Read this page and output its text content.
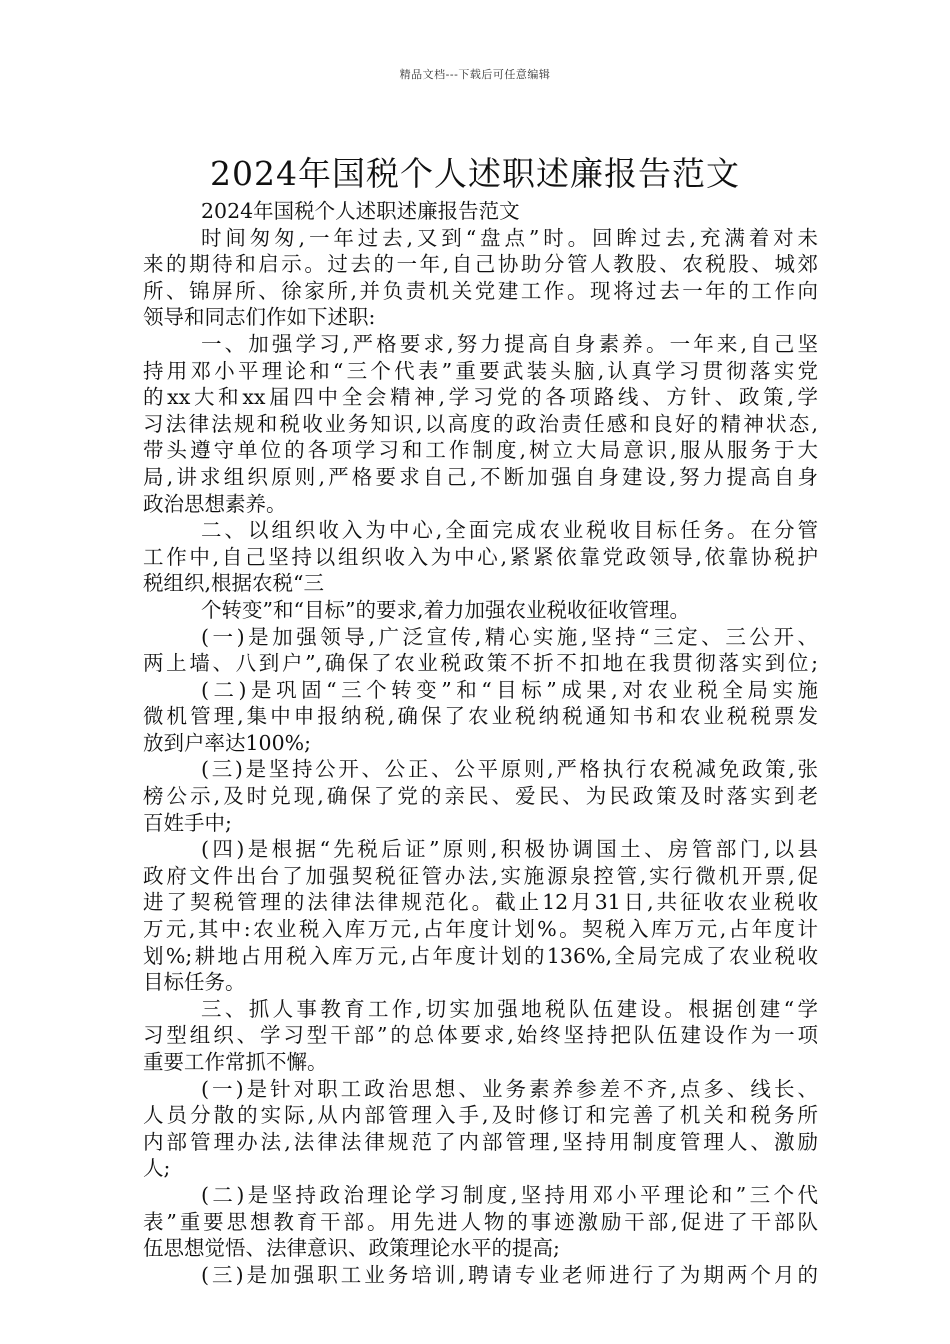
精品文档---下载后可任意编辑
2024年国税个人述职述廉报告范文
2024年国税个人述职述廉报告范文
时间匆匆,一年过去,又到“盘点”时。回眸过去,充满着对未
来的期待和启示。过去的一年,自己协助分管人教股、农税股、城郊
所、锦屏所、徐家所,并负责机关党建工作。现将过去一年的工作向
领导和同志们作如下述职:
一、加强学习,严格要求,努力提高自身素养。一年来,自己坚
持用邓小平理论和“三个代表”重要武装头脑,认真学习贯彻落实党
的xx大和xx届四中全会精神,学习党的各项路线、方针、政策,学
习法律法规和税收业务知识,以高度的政治责任感和良好的精神状态,
带头遵守单位的各项学习和工作制度,树立大局意识,服从服务于大
局,讲求组织原则,严格要求自己,不断加强自身建设,努力提高自身
政治思想素养。
二、以组织收入为中心,全面完成农业税收目标任务。在分管
工作中,自己坚持以组织收入为中心,紧紧依靠党政领导,依靠协税护
税组织,根据农税“三
个转变”和“目标”的要求,着力加强农业税收征收管理。
(一)是加强领导,广泛宣传,精心实施,坚持“三定、三公开、
两上墙、八到户”,确保了农业税政策不折不扣地在我贯彻落实到位;
(二)是巩固“三个转变”和“目标”成果,对农业税全局实施
微机管理,集中申报纳税,确保了农业税纳税通知书和农业税税票发
放到户率达100%;
(三)是坚持公开、公正、公平原则,严格执行农税减免政策,张
榜公示,及时兑现,确保了党的亲民、爱民、为民政策及时落实到老
百姓手中;
(四)是根据“先税后证”原则,积极协调国土、房管部门,以县
政府文件出台了加强契税征管办法,实施源泉控管,实行微机开票,促
进了契税管理的法律法律规范化。截止12月31日,共征收农业税收
万元,其中:农业税入库万元,占年度计划%。契税入库万元,占年度计
划%;耕地占用税入库万元,占年度计划的136%,全局完成了农业税收
目标任务。
三、抓人事教育工作,切实加强地税队伍建设。根据创建“学
习型组织、学习型干部”的总体要求,始终坚持把队伍建设作为一项
重要工作常抓不懈。
(一)是针对职工政治思想、业务素养参差不齐,点多、线长、
人员分散的实际,从内部管理入手,及时修订和完善了机关和税务所
内部管理办法,法律法律规范了内部管理,坚持用制度管理人、激励
人;
(二)是坚持政治理论学习制度,坚持用邓小平理论和”三个代
表”重要思想教育干部。用先进人物的事迹激励干部,促进了干部队
伍思想觉悟、法律意识、政策理论水平的提高;
(三)是加强职工业务培训,聘请专业老师进行了为期两个月的
